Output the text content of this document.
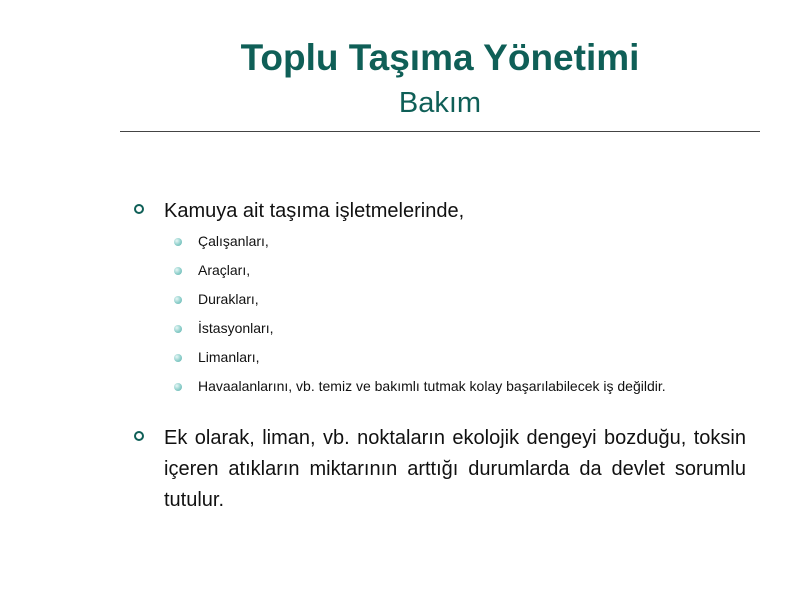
Toplu Taşıma Yönetimi
Bakım
Kamuya ait taşıma işletmelerinde,
Çalışanları,
Araçları,
Durakları,
İstasyonları,
Limanları,
Havaalanlarını, vb. temiz ve bakımlı tutmak kolay başarılabilecek iş değildir.
Ek olarak, liman, vb. noktaların ekolojik dengeyi bozduğu, toksin içeren atıkların miktarının arttığı durumlarda da devlet sorumlu tutulur.
